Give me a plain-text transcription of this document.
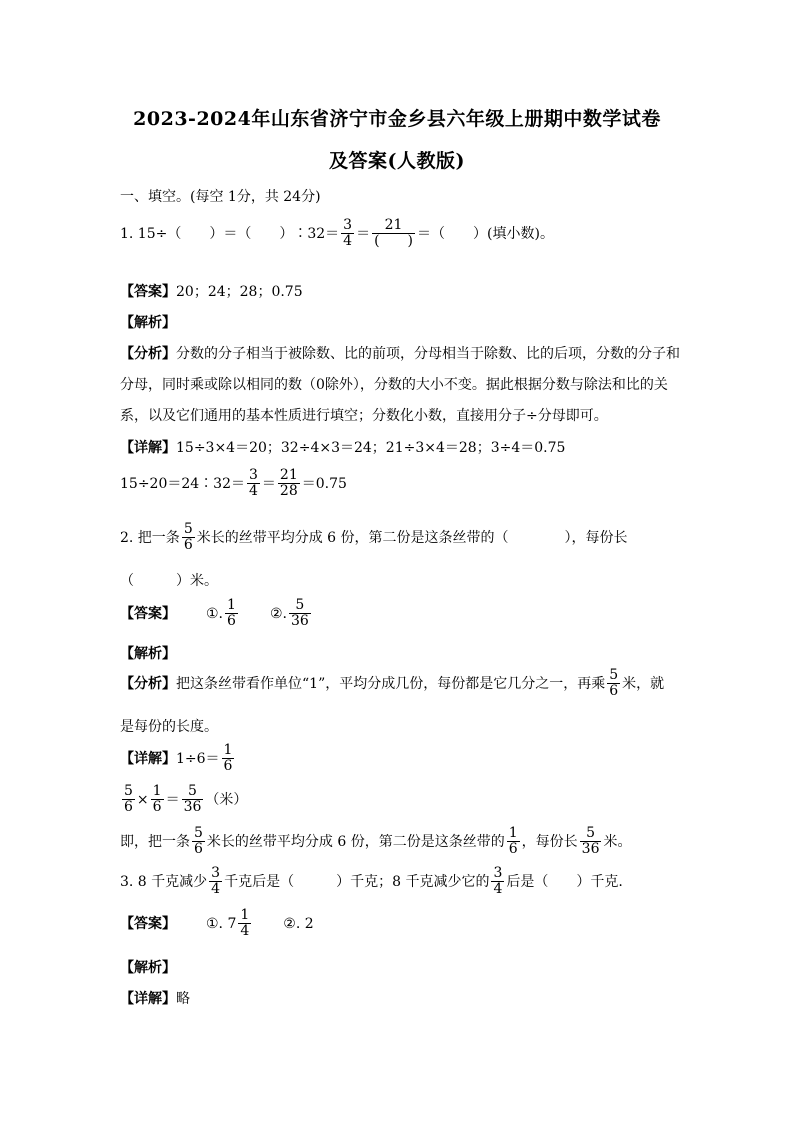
2023-2024年山东省济宁市金乡县六年级上册期中数学试卷
及答案(人教版)
一、填空。(每空 1分，共 24分)
1. 15÷（　　）＝（　　）∶32＝ $\frac{3}{4} = \frac{21}{( )}$ ＝（　　）(填小数)。
【答案】20；24；28；0.75
【解析】
【分析】分数的分子相当于被除数、比的前项，分母相当于除数、比的后项，分数的分子和
分母，同时乘或除以相同的数（0除外），分数的大小不变。据此根据分数与除法和比的关
系，以及它们通用的基本性质进行填空；分数化小数，直接用分子÷分母即可。
【详解】15÷3×4＝20；32÷4×3＝24；21÷3×4＝28；3÷4＝0.75
15÷20＝24∶32＝ $\frac{3}{4} = \frac{21}{28} =0.75$
2. 把一条 $\frac{5}{6}$ 米长的丝带平均分成 6 份，第二份是这条丝带的（　　　　），每份长
（　　　）米。
【答案】 ①. $\frac{1}{6}$ ②. $\frac{5}{36}$
【解析】
【分析】把这条丝带看作单位“1”，平均分成几份，每份都是它几分之一，再乘 $\frac{5}{6}$ 米，就
是每份的长度。
【详解】$1\div 6= \frac{1}{6}$
$\frac{5}{6} \times \frac{1}{6} = \frac{5}{36}$ （米）
即，把一条 $\frac{5}{6}$ 米长的丝带平均分成 6 份，第二份是这条丝带的 $\frac{1}{6}$ ，每份长 $\frac{5}{36}$ 米。
3. 8 千克减少 $\frac{3}{4}$ 千克后是（　　　）千克；8 千克减少它的 $\frac{3}{4}$ 后是（　　）千克.
【答案】 ①. $7 \frac{1}{4}$ ②. 2
【解析】
【详解】略
